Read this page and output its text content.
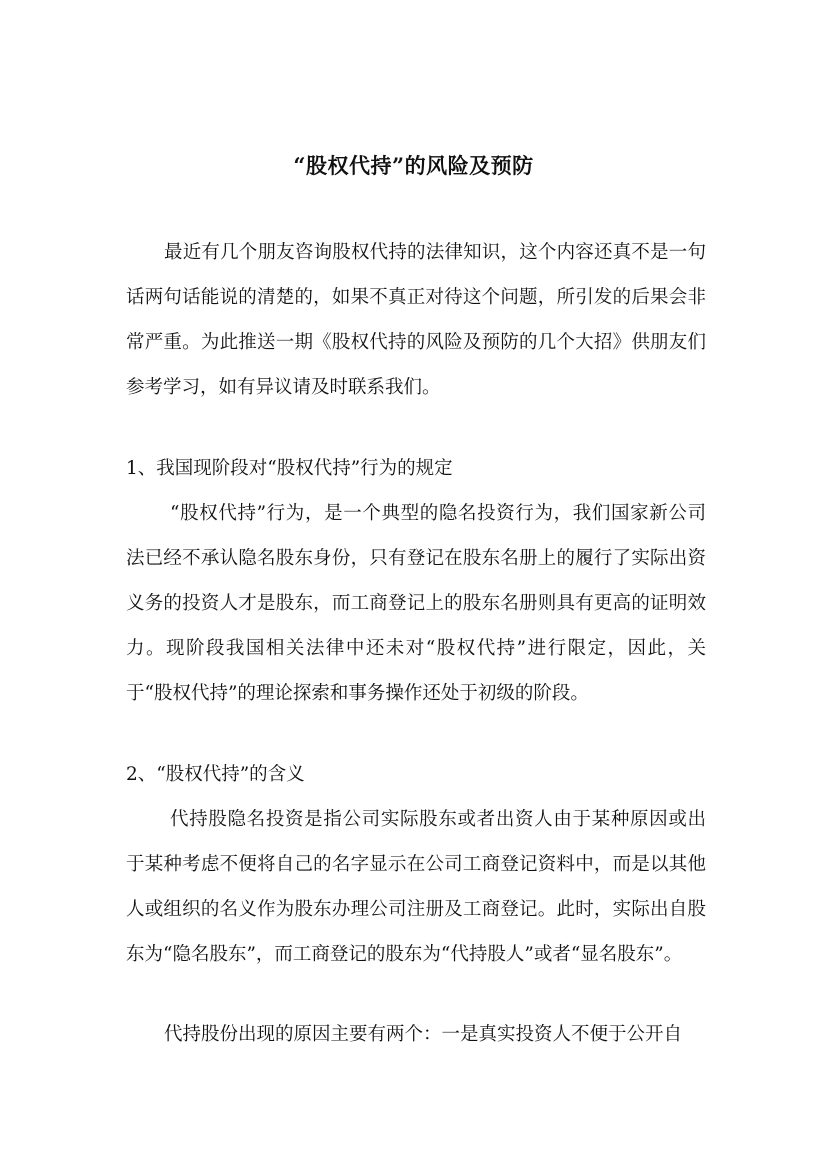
“股权代持”的风险及预防
最近有几个朋友咨询股权代持的法律知识，这个内容还真不是一句话两句话能说的清楚的，如果不真正对待这个问题，所引发的后果会非常严重。为此推送一期《股权代持的风险及预防的几个大招》供朋友们参考学习，如有异议请及时联系我们。
1、我国现阶段对“股权代持”行为的规定
“股权代持”行为，是一个典型的隐名投资行为，我们国家新公司法已经不承认隐名股东身份，只有登记在股东名册上的履行了实际出资义务的投资人才是股东，而工商登记上的股东名册则具有更高的证明效力。现阶段我国相关法律中还未对“股权代持”进行限定，因此，关于“股权代持”的理论探索和事务操作还处于初级的阶段。
2、“股权代持”的含义
代持股隐名投资是指公司实际股东或者出资人由于某种原因或出于某种考虑不便将自己的名字显示在公司工商登记资料中，而是以其他人或组织的名义作为股东办理公司注册及工商登记。此时，实际出自股东为“隐名股东”，而工商登记的股东为“代持股人”或者“显名股东”。
代持股份出现的原因主要有两个：一是真实投资人不便于公开自
